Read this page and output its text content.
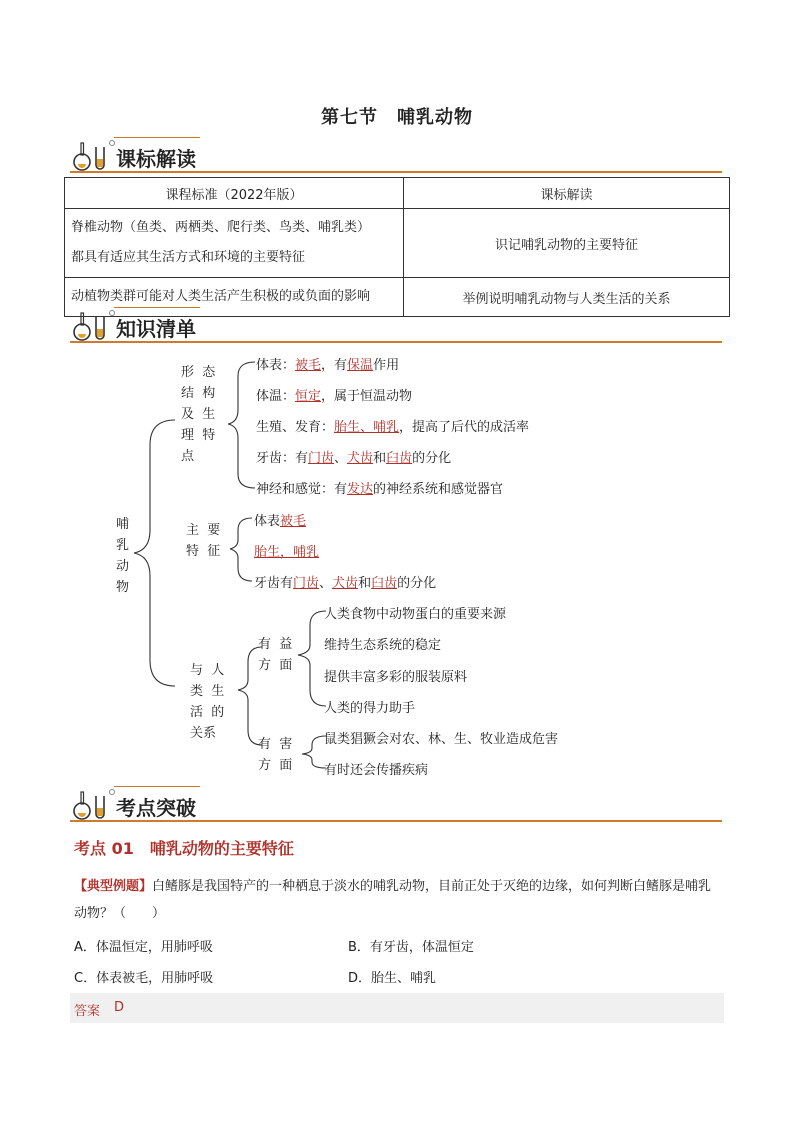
第七节　哺乳动物
课标解读
课程标准（2022年版）	课标解读

脊椎动物（鱼类、两栖类、爬行类、鸟类、哺乳类）
都具有适应其生活方式和环境的主要特征	识记哺乳动物的主要特征

动植物类群可能对人类生活产生积极的或负面的影响	举例说明哺乳动物与人类生活的关系
知识清单
哺
乳
动
物
形  态
结  构
及  生
理  特
点
主  要
特  征
与  人
类  生
活  的
关系
有  益
方  面
有  害
方  面
体表：被毛，有保温作用
体温：恒定，属于恒温动物
生殖、发育：胎生、哺乳，提高了后代的成活率
牙齿：有门齿、犬齿和臼齿的分化
神经和感觉：有发达的神经系统和感觉器官
体表被毛
胎生，哺乳
牙齿有门齿、犬齿和臼齿的分化
人类食物中动物蛋白的重要来源
维持生态系统的稳定
提供丰富多彩的服装原料
人类的得力助手
鼠类猖獗会对农、林、生、牧业造成危害
有时还会传播疾病
考点突破
考点 01　哺乳动物的主要特征
【典型例题】白鳍豚是我国特产的一种栖息于淡水的哺乳动物，目前正处于灭绝的边缘，如何判断白鳍豚是哺乳动物？（　　）
A．体温恒定，用肺呼吸	B．有牙齿，体温恒定
C．体表被毛，用肺呼吸	D．胎生、哺乳
答案 D
